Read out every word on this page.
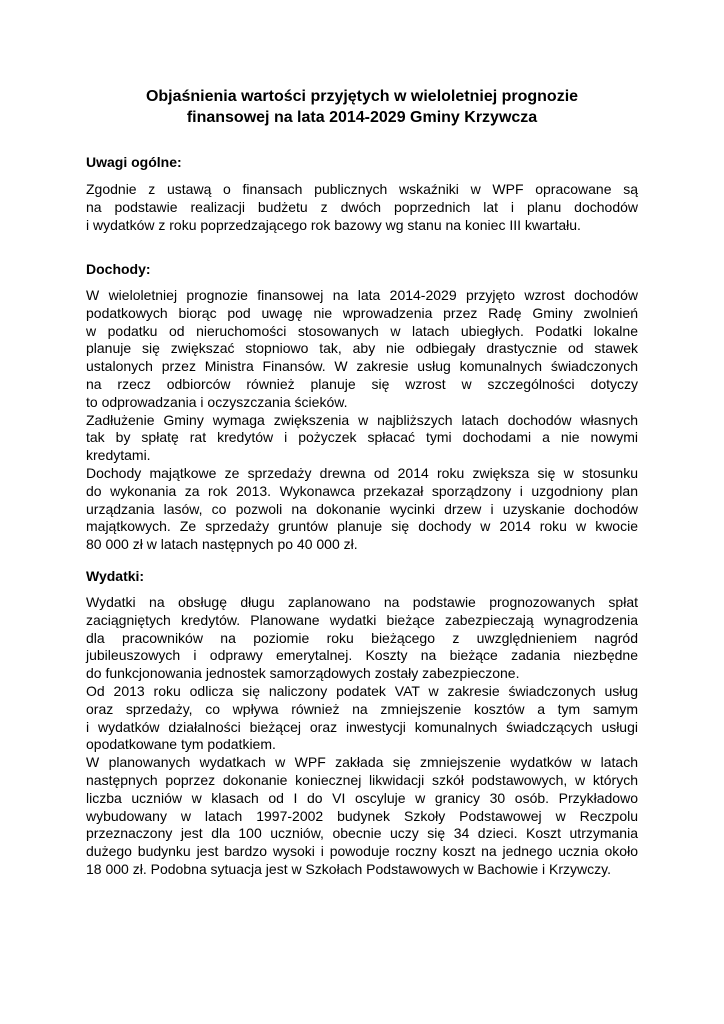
Objaśnienia wartości przyjętych w wieloletniej prognozie
finansowej na lata 2014-2029 Gminy Krzywcza
Uwagi ogólne:

Zgodnie z ustawą o finansach publicznych wskaźniki w WPF opracowane są
na podstawie realizacji budżetu z dwóch poprzednich lat i planu dochodów
i wydatków z roku poprzedzającego rok bazowy wg stanu na koniec III kwartału.

Dochody:

W wieloletniej prognozie finansowej na lata 2014-2029 przyjęto wzrost dochodów
podatkowych biorąc pod uwagę nie wprowadzenia przez Radę Gminy zwolnień
w podatku od nieruchomości stosowanych w latach ubiegłych. Podatki lokalne
planuje się zwiększać stopniowo tak, aby nie odbiegały drastycznie od stawek
ustalonych przez Ministra Finansów. W zakresie usług komunalnych świadczonych
na rzecz odbiorców również planuje się wzrost w szczególności dotyczy
to odprowadzania i oczyszczania ścieków.

Zadłużenie Gminy wymaga zwiększenia w najbliższych latach dochodów własnych
tak by spłatę rat kredytów i pożyczek spłacać tymi dochodami a nie nowymi
kredytami.

Dochody majątkowe ze sprzedaży drewna od 2014 roku zwiększa się w stosunku
do wykonania za rok 2013. Wykonawca przekazał sporządzony i uzgodniony plan
urządzania lasów, co pozwoli na dokonanie wycinki drzew i uzyskanie dochodów
majątkowych. Ze sprzedaży gruntów planuje się dochody w 2014 roku w kwocie
80 000 zł w latach następnych po 40 000 zł.

Wydatki:

Wydatki na obsługę długu zaplanowano na podstawie prognozowanych spłat
zaciągniętych kredytów. Planowane wydatki bieżące zabezpieczają wynagrodzenia
dla pracowników na poziomie roku bieżącego z uwzględnieniem nagród
jubileuszowych i odprawy emerytalnej. Koszty na bieżące zadania niezbędne
do funkcjonowania jednostek samorządowych zostały zabezpieczone.

Od 2013 roku odlicza się naliczony podatek VAT w zakresie świadczonych usług
oraz sprzedaży, co wpływa również na zmniejszenie kosztów a tym samym
i wydatków działalności bieżącej oraz inwestycji komunalnych świadczących usługi
opodatkowane tym podatkiem.

W planowanych wydatkach w WPF zakłada się zmniejszenie wydatków w latach
następnych poprzez dokonanie koniecznej likwidacji szkół podstawowych, w których
liczba uczniów w klasach od I do VI oscyluje w granicy 30 osób. Przykładowo
wybudowany w latach 1997-2002 budynek Szkoły Podstawowej w Reczpolu
przeznaczony jest dla 100 uczniów, obecnie uczy się 34 dzieci. Koszt utrzymania
dużego budynku jest bardzo wysoki i powoduje roczny koszt na jednego ucznia około
18 000 zł. Podobna sytuacja jest w Szkołach Podstawowych w Bachowie i Krzywczy.
